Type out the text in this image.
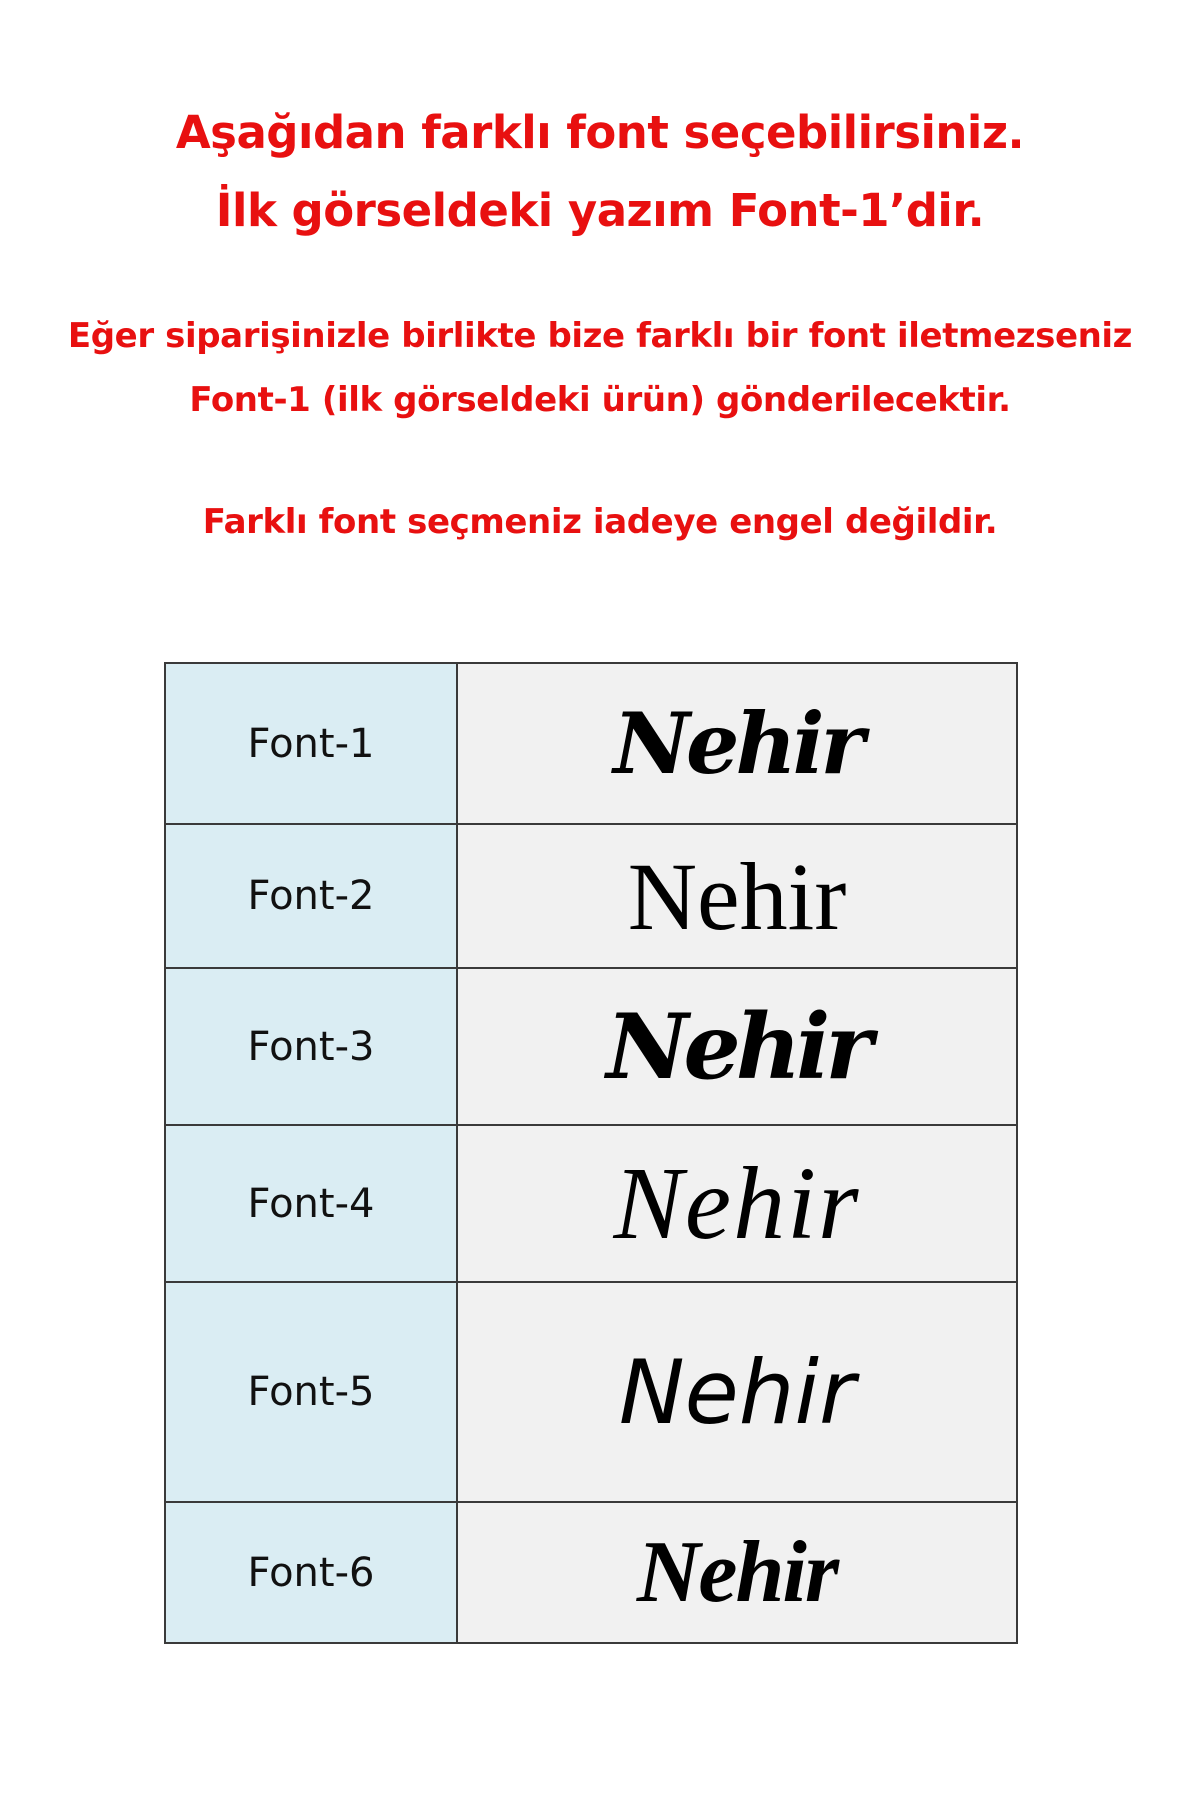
Aşağıdan farklı font seçebilirsiniz.
İlk görseldeki yazım Font-1’dir.
Eğer siparişinizle birlikte bize farklı bir font iletmezseniz
Font-1 (ilk görseldeki ürün) gönderilecektir.
Farklı font seçmeniz iadeye engel değildir.
Font-1	Nehir
Font-2	Nehir
Font-3	Nehir
Font-4	Nehir
Font-5	Nehir
Font-6	Nehir
